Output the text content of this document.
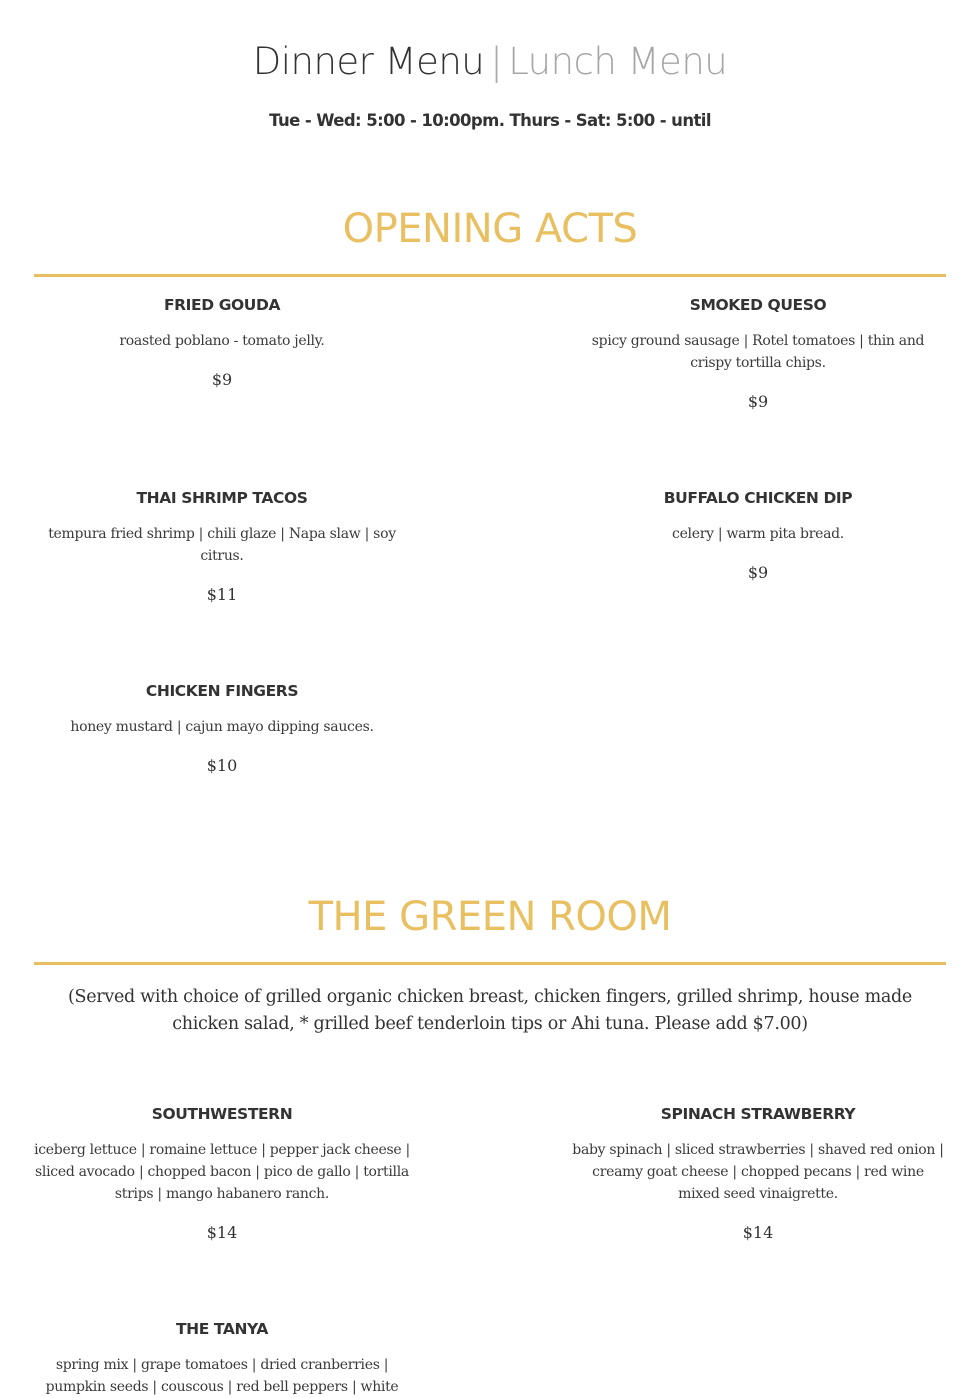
Dinner Menu | Lunch Menu
Tue - Wed: 5:00 - 10:00pm. Thurs - Sat: 5:00 - until
OPENING ACTS
FRIED GOUDA
roasted poblano - tomato jelly.
$9
SMOKED QUESO
spicy ground sausage | Rotel tomatoes | thin and crispy tortilla chips.
$9
THAI SHRIMP TACOS
tempura fried shrimp | chili glaze | Napa slaw | soy citrus.
$11
BUFFALO CHICKEN DIP
celery | warm pita bread.
$9
CHICKEN FINGERS
honey mustard | cajun mayo dipping sauces.
$10
THE GREEN ROOM
(Served with choice of grilled organic chicken breast, chicken fingers, grilled shrimp, house made chicken salad, * grilled beef tenderloin tips or Ahi tuna. Please add $7.00)
SOUTHWESTERN
iceberg lettuce | romaine lettuce | pepper jack cheese | sliced avocado | chopped bacon | pico de gallo | tortilla strips | mango habanero ranch.
$14
SPINACH STRAWBERRY
baby spinach | sliced strawberries | shaved red onion | creamy goat cheese | chopped pecans | red wine mixed seed vinaigrette.
$14
THE TANYA
spring mix | grape tomatoes | dried cranberries | pumpkin seeds | couscous | red bell peppers | white
